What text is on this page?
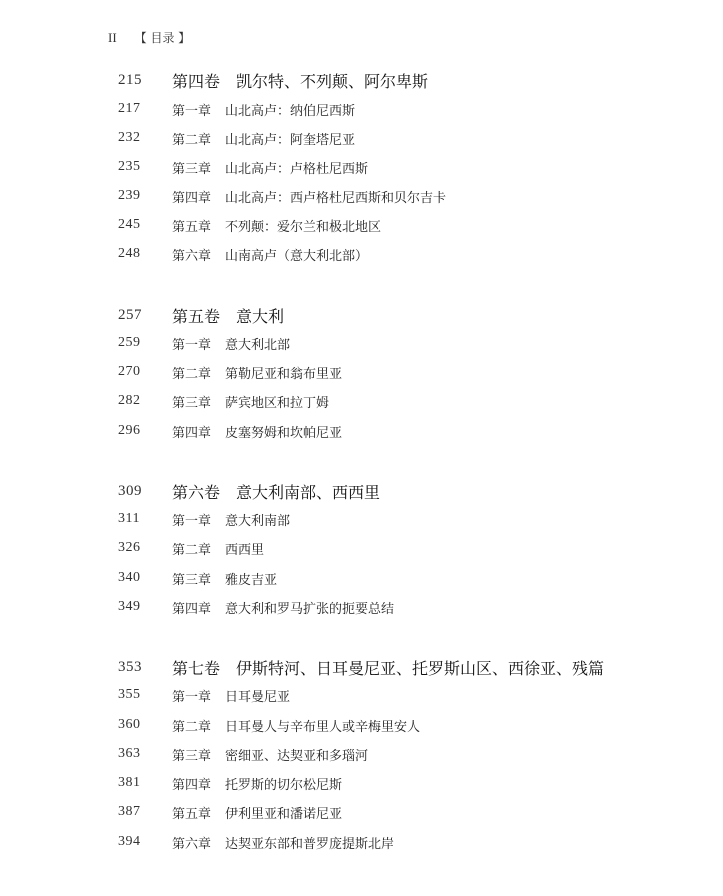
II 【 目录 】
215 第四卷 凯尔特、不列颠、阿尔卑斯
217 第一章 山北高卢：纳伯尼西斯
232 第二章 山北高卢：阿奎塔尼亚
235 第三章 山北高卢：卢格杜尼西斯
239 第四章 山北高卢：西卢格杜尼西斯和贝尔吉卡
245 第五章 不列颠：爱尔兰和极北地区
248 第六章 山南高卢（意大利北部）
257 第五卷 意大利
259 第一章 意大利北部
270 第二章 第勒尼亚和翁布里亚
282 第三章 萨宾地区和拉丁姆
296 第四章 皮塞努姆和坎帕尼亚
309 第六卷 意大利南部、西西里
311 第一章 意大利南部
326 第二章 西西里
340 第三章 雅皮吉亚
349 第四章 意大利和罗马扩张的扼要总结
353 第七卷 伊斯特河、日耳曼尼亚、托罗斯山区、西徐亚、残篇
355 第一章 日耳曼尼亚
360 第二章 日耳曼人与辛布里人或辛梅里安人
363 第三章 密细亚、达契亚和多瑙河
381 第四章 托罗斯的切尔松尼斯
387 第五章 伊利里亚和潘诺尼亚
394 第六章 达契亚东部和普罗庞提斯北岸
